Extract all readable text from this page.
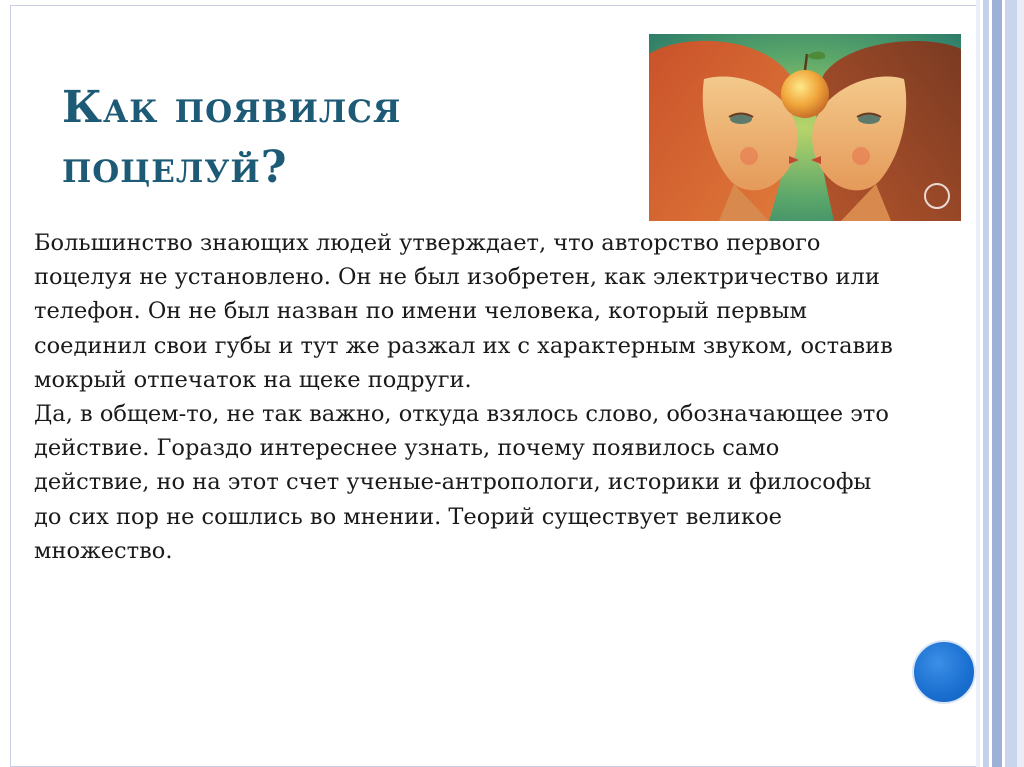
Как появился
поцелуй?

Большинство знающих людей утверждает, что авторство первого поцелуя не установлено. Он не был изобретен, как электричество или телефон. Он не был назван по имени человека, который первым соединил свои губы и тут же разжал их с характерным звуком, оставив мокрый отпечаток на щеке подруги.

Да, в общем-то, не так важно, откуда взялось слово, обозначающее это действие. Гораздо интереснее узнать, почему появилось само действие, но на этот счет ученые-антропологи, историки и философы до сих пор не сошлись во мнении. Теорий существует великое множество.
